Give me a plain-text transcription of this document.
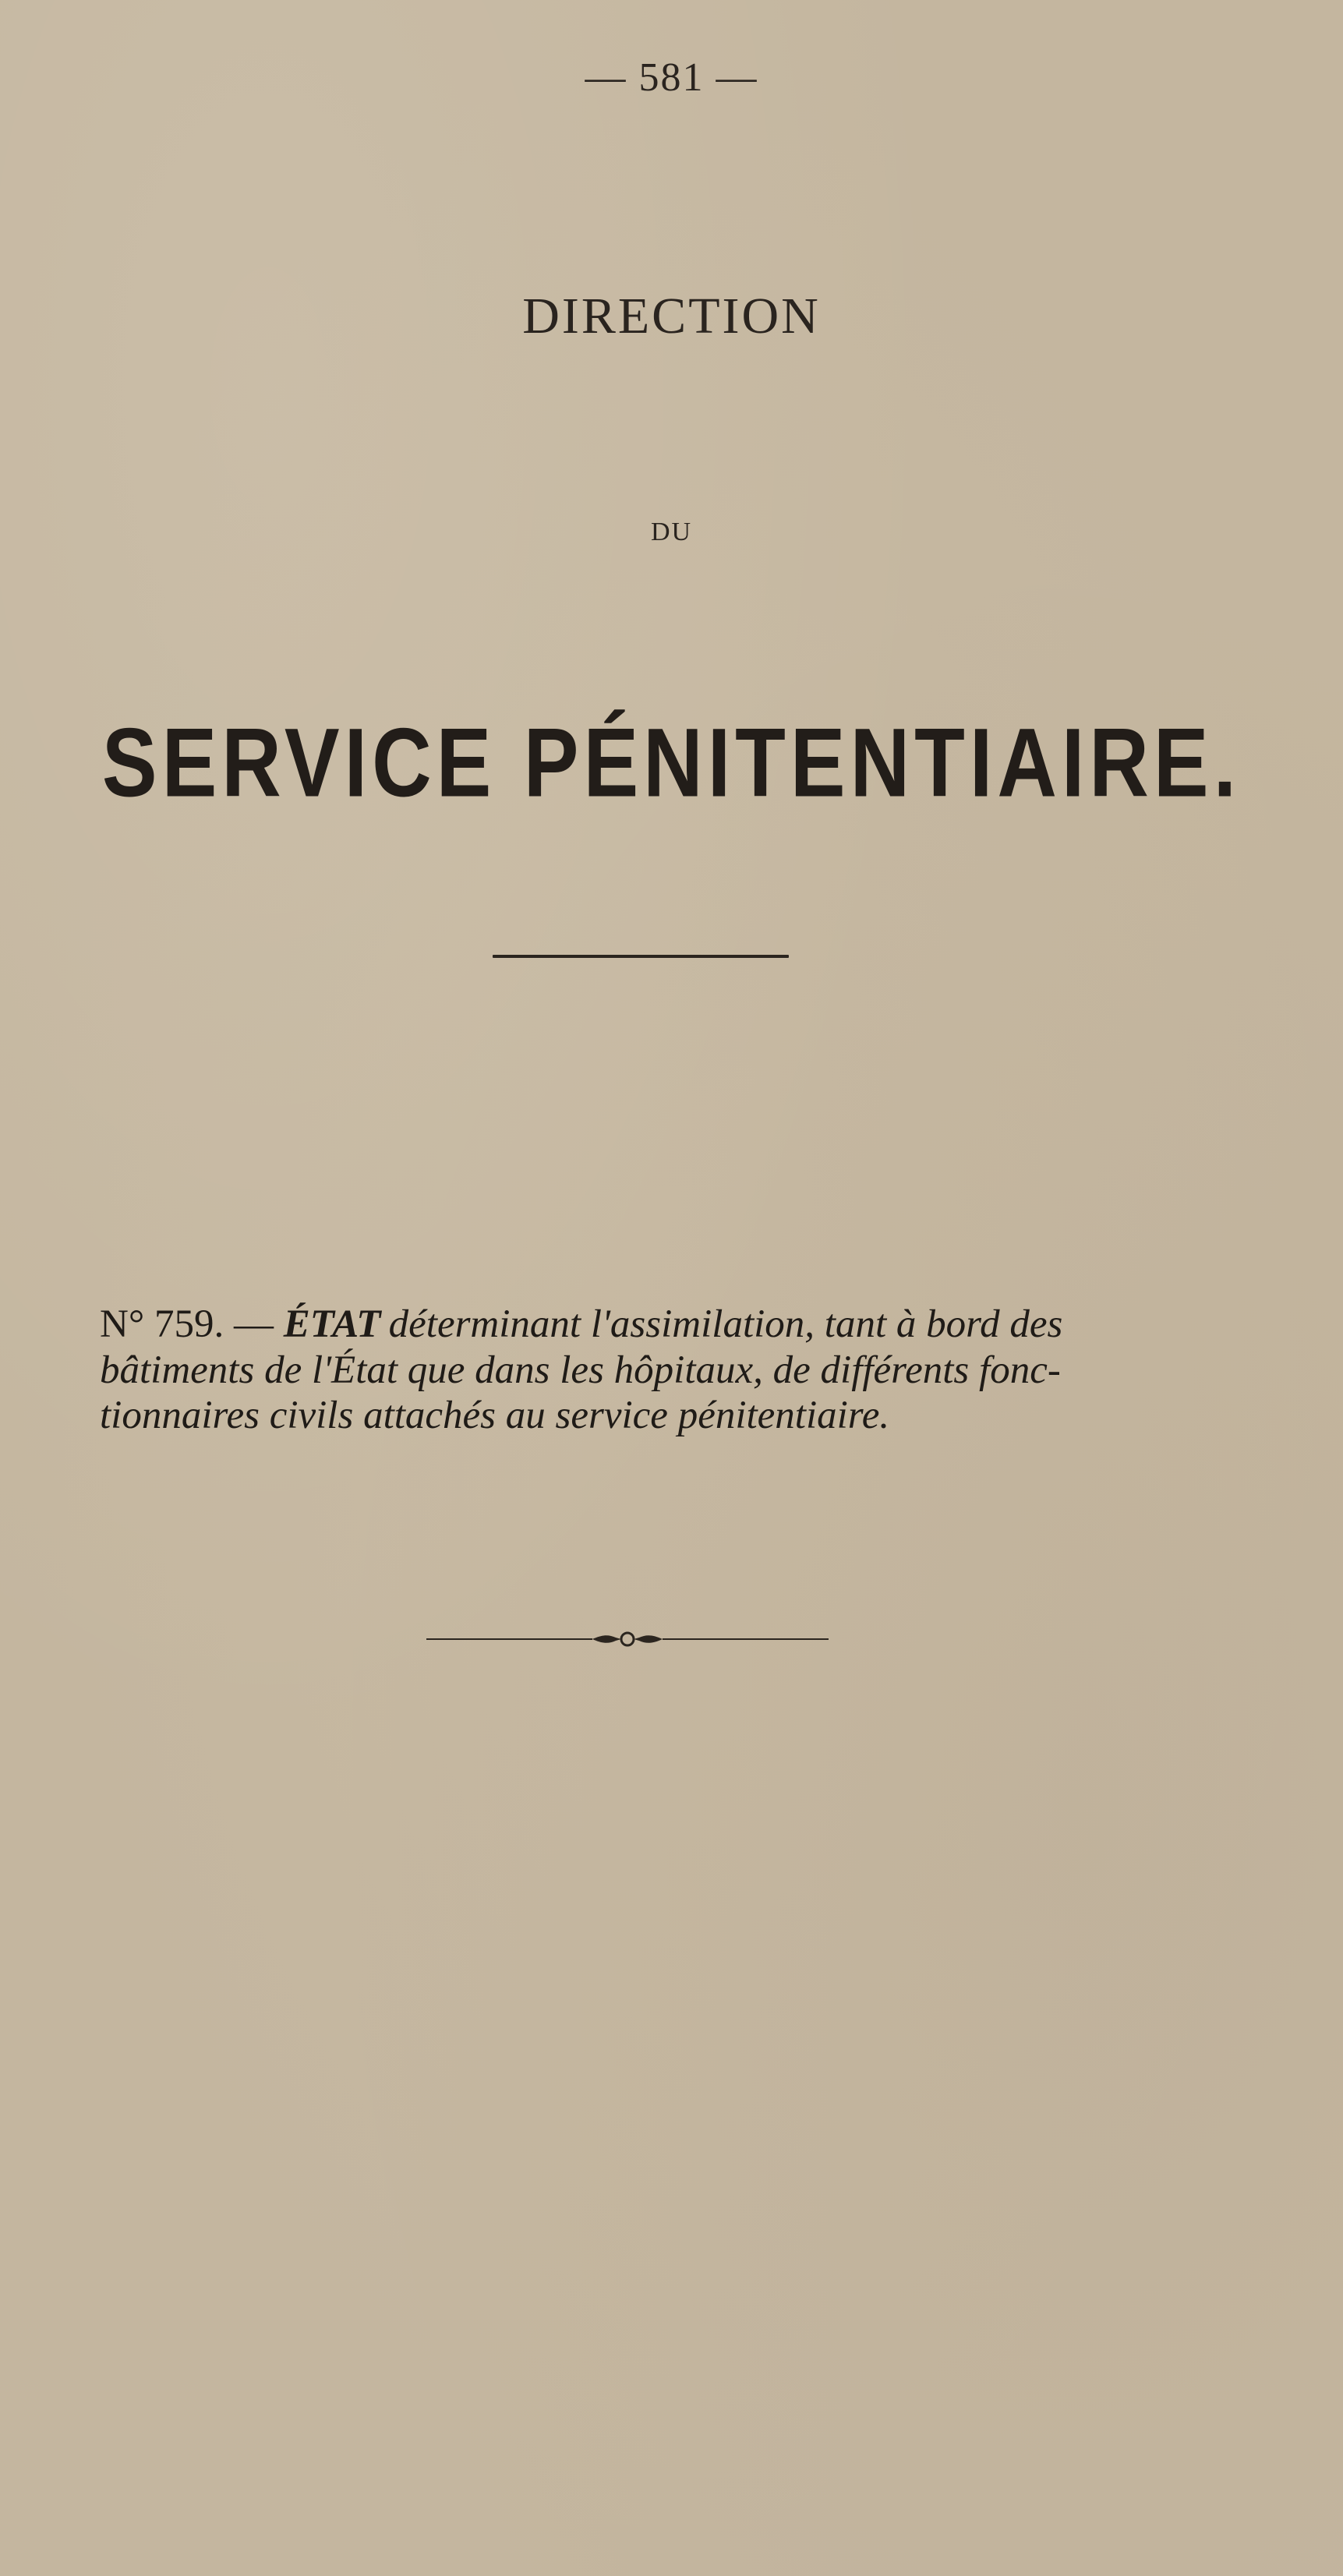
— 581 —
DIRECTION
DU
SERVICE PÉNITENTIAIRE.
N° 759. — ÉTAT déterminant l'assimilation, tant à bord des
bâtiments de l'État que dans les hôpitaux, de différents fonc-
tionnaires civils attachés au service pénitentiaire.
